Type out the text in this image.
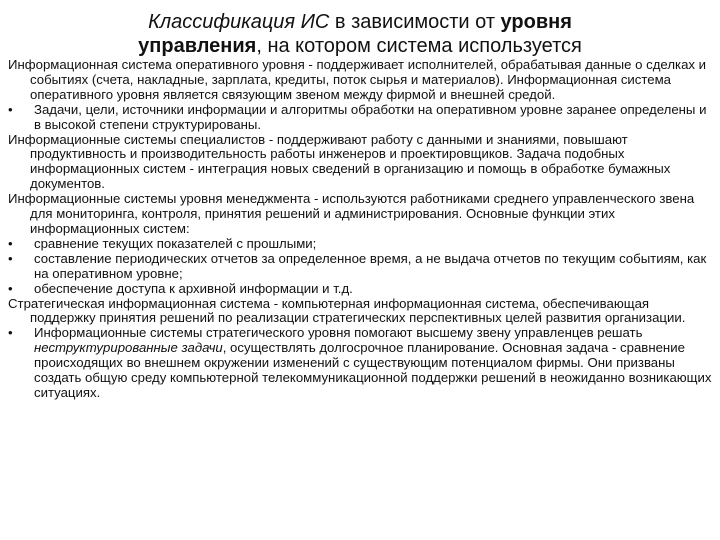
Классификация ИС в зависимости от уровня
управления, на котором система используется

Информационная система оперативного уровня - поддерживает исполнителей, обрабатывая данные о сделках и событиях (счета, накладные, зарплата, кредиты, поток сырья и материалов). Информационная система оперативного уровня является связующим звеном между фирмой и внешней средой.

•	Задачи, цели, источники информации и алгоритмы обработки на оперативном уровне заранее определены и в высокой степени структурированы.

Информационные системы специалистов - поддерживают работу с данными и знаниями, повышают продуктивность и производительность работы инженеров и проектировщиков. Задача подобных информационных систем - интеграция новых сведений в организацию и помощь в обработке бумажных документов.

Информационные системы уровня менеджмента - используются работниками среднего управленческого звена для мониторинга, контроля, принятия решений и администрирования. Основные функции этих информационных систем:

•	сравнение текущих показателей с прошлыми;

•	составление периодических отчетов за определенное время, а не выдача отчетов по текущим событиям, как на оперативном уровне;

•	обеспечение доступа к архивной информации и т.д.

Стратегическая информационная система - компьютерная информационная система, обеспечивающая поддержку принятия решений по реализации стратегических перспективных целей развития организации.

•	Информационные системы стратегического уровня помогают высшему звену управленцев решать неструктурированные задачи, осуществлять долгосрочное планирование. Основная задача - сравнение происходящих во внешнем окружении изменений с существующим потенциалом фирмы. Они призваны создать общую среду компьютерной телекоммуникационной поддержки решений в неожиданно возникающих ситуациях.
